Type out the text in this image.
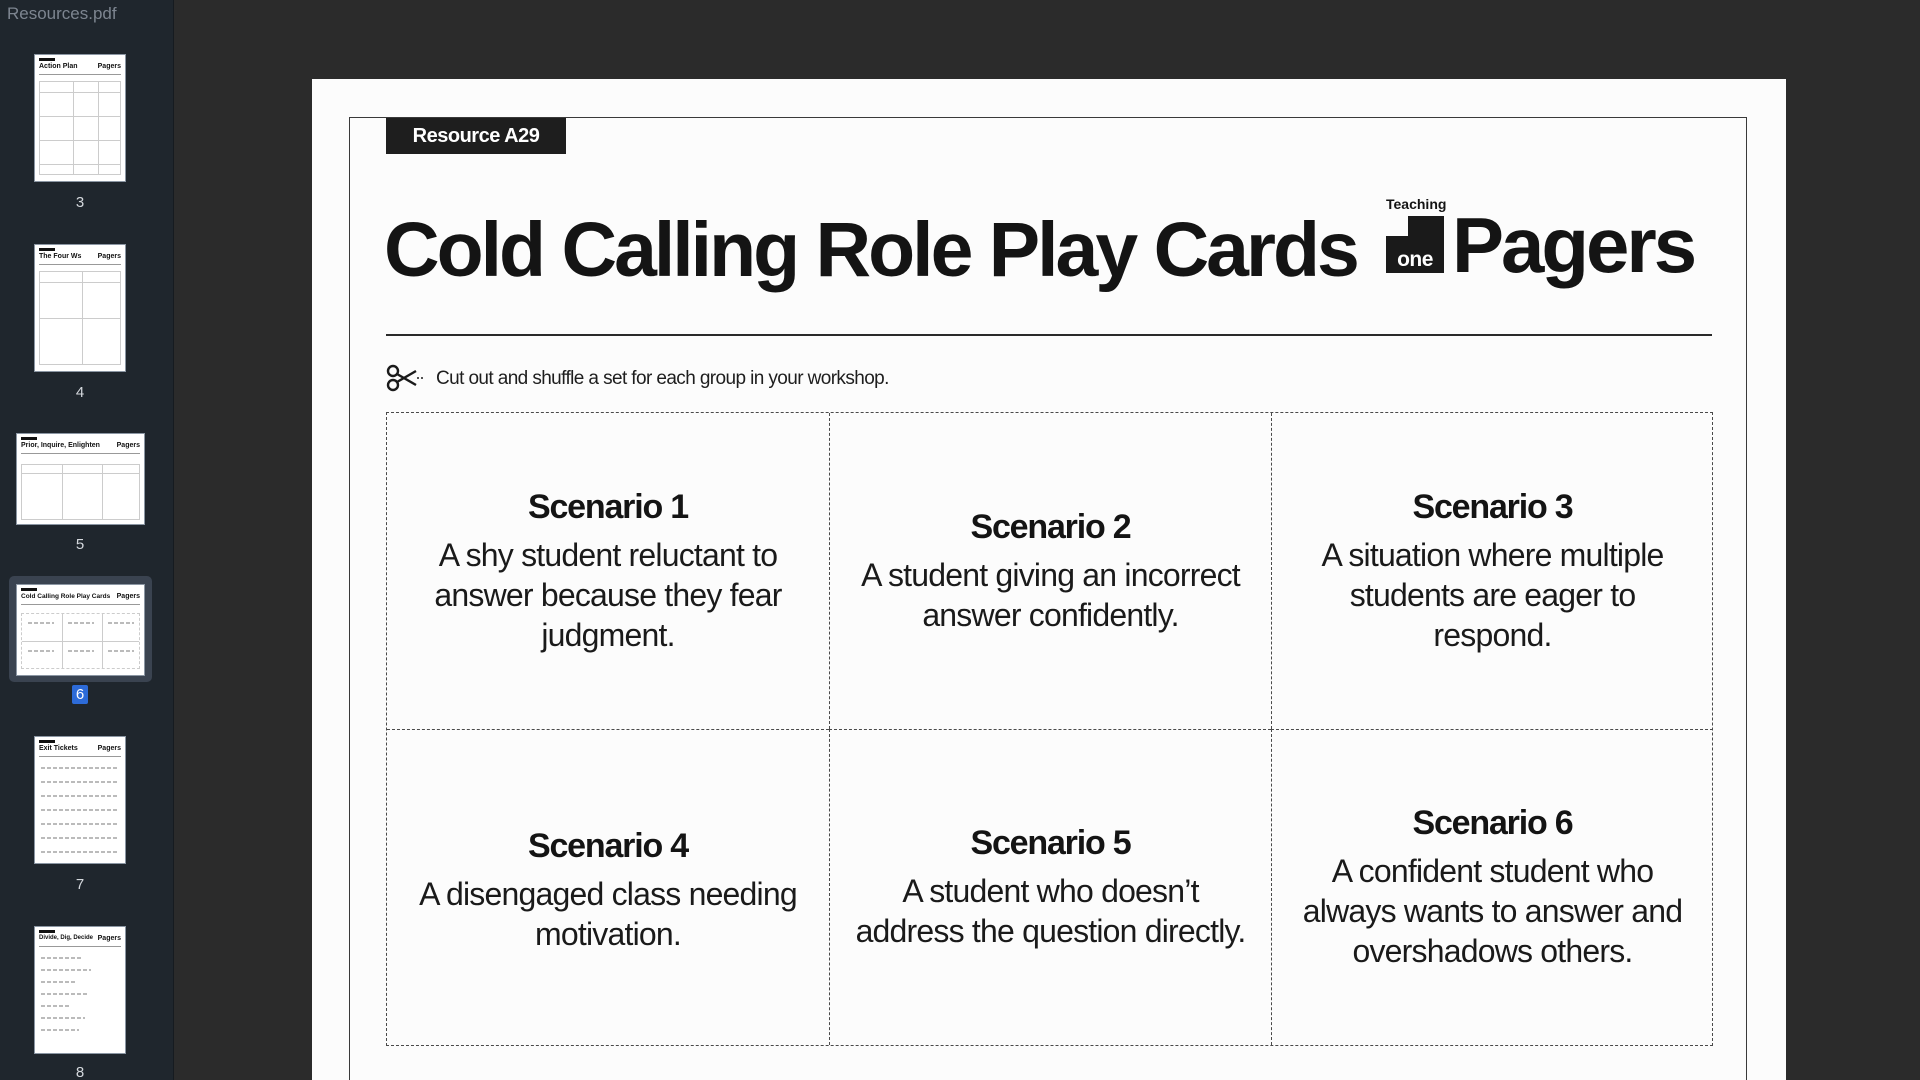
Resources.pdf
Action Plan	Pagers
3
The Four Ws Pagers
4
Prior, Inquire, Enlighten Pagers
5
Cold Calling Role Play Cards Pagers
6
Exit Tickets	Pagers
7
Divide, Dig, Decide Pagers
8
Resource A29
Cold Calling Role Play Cards
Teaching
one Pagers
Cut out and shuffle a set for each group in your workshop.
Scenario 1
A shy student reluctant to answer because they fear judgment.
Scenario 2
A student giving an incorrect answer confidently.
Scenario 3
A situation where multiple students are eager to respond.
Scenario 4
A disengaged class needing motivation.
Scenario 5
A student who doesn’t address the question directly.
Scenario 6
A confident student who always wants to answer and overshadows others.
